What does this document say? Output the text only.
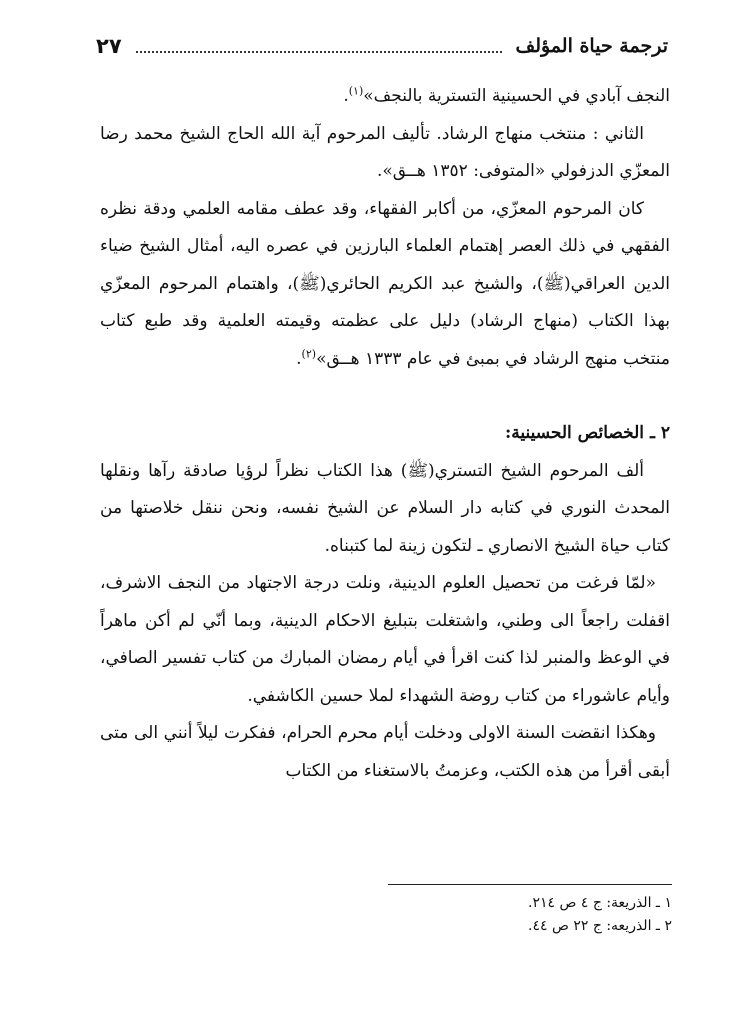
ترجمة حياة المؤلف
٢٧

النجف آبادي في الحسينية التسترية بالنجف»$^{(١)}$.

الثاني : منتخب منهاج الرشاد. تأليف المرحوم آية الله الحاج الشيخ محمد رضا المعزّي الدزفولي «المتوفى: ١٣٥٢ هـ‍ـق».

كان المرحوم المعزّي، من أكابر الفقهاء، وقد عطف مقامه العلمي ودقة نظره الفقهي في ذلك العصر إهتمام العلماء البارزين في عصره اليه، أمثال الشيخ ضياء الدين العراقي(ﷺ)، والشيخ عبد الكريم الحائري(ﷺ)، واهتمام المرحوم المعزّي بهذا الكتاب (منهاج الرشاد) دليل على عظمته وقيمته العلمية وقد طبع كتاب منتخب منهج الرشاد في بمبئ في عام ١٣٣٣ هـ‍ـق»$^{(٢)}$.

٢ ـ الخصائص الحسينية:

ألف المرحوم الشيخ التستري(ﷺ) هذا الكتاب نظراً لرؤيا صادقة رآها ونقلها المحدث النوري في كتابه دار السلام عن الشيخ نفسه، ونحن ننقل خلاصتها من كتاب حياة الشيخ الانصاري ـ لتكون زينة لما كتبناه.

«لمّا فرغت من تحصيل العلوم الدينية، ونلت درجة الاجتهاد من النجف الاشرف، اقفلت راجعاً الى وطني، واشتغلت بتبليغ الاحكام الدينية، وبما أنّي لم أكن ماهراً في الوعظ والمنبر لذا كنت اقرأ في أيام رمضان المبارك من كتاب تفسير الصافي، وأيام عاشوراء من كتاب روضة الشهداء لملا حسين الكاشفي.

وهكذا انقضت السنة الاولى ودخلت أيام محرم الحرام، ففكرت ليلاً أنني الى متى أبقى أقرأ من هذه الكتب، وعزمتُ بالاستغناء من الكتاب

١ ـ الذريعة: ج ٤ ص ٢١٤.
٢ ـ الذريعه: ج ٢٢ ص ٤٤.
